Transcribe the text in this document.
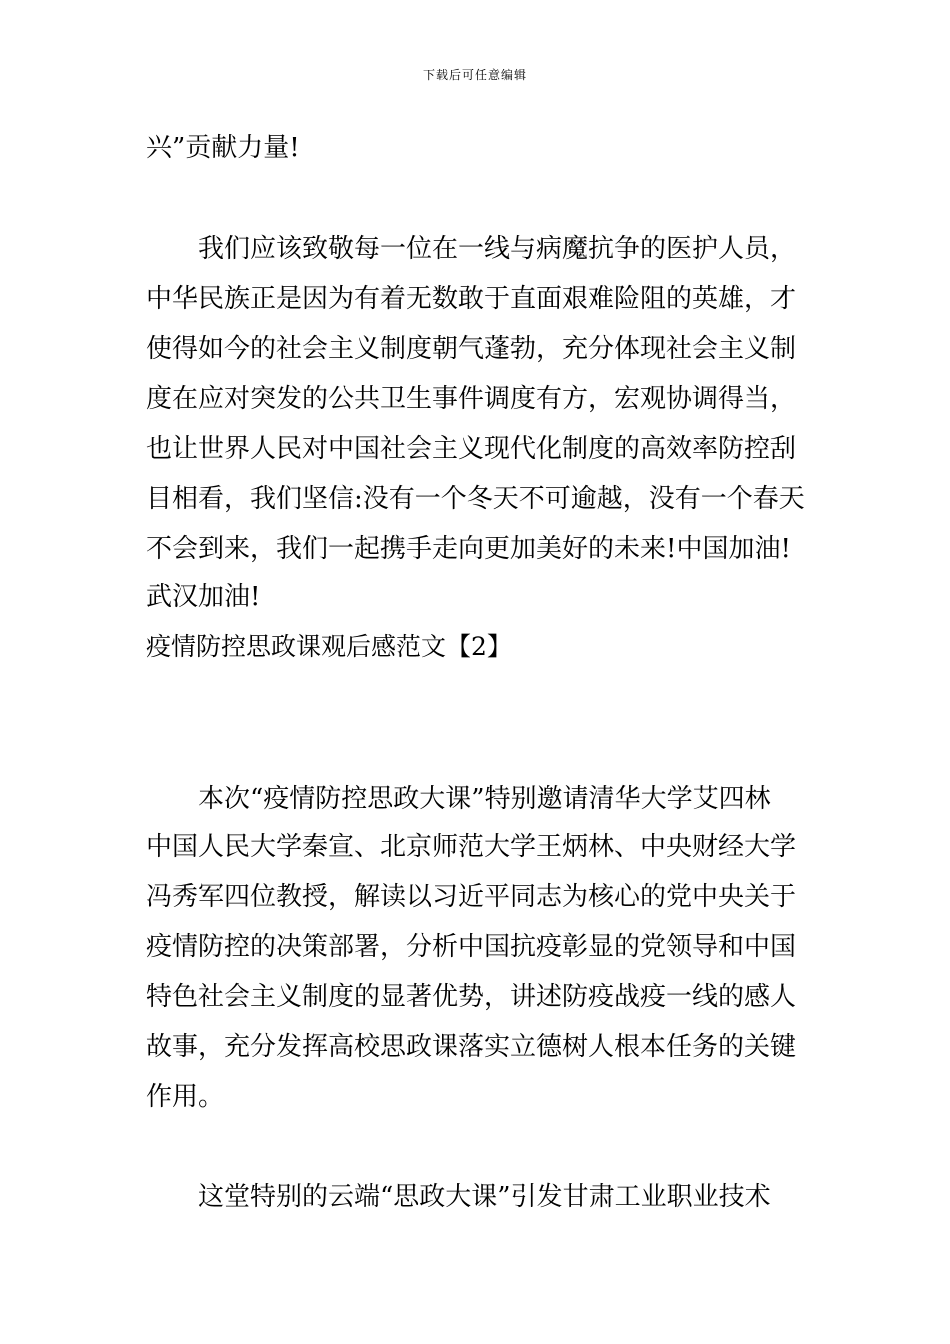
下载后可任意编辑
兴”贡献力量!
我们应该致敬每一位在一线与病魔抗争的医护人员，
中华民族正是因为有着无数敢于直面艰难险阻的英雄，才
使得如今的社会主义制度朝气蓬勃，充分体现社会主义制
度在应对突发的公共卫生事件调度有方，宏观协调得当，
也让世界人民对中国社会主义现代化制度的高效率防控刮
目相看，我们坚信:没有一个冬天不可逾越，没有一个春天
不会到来，我们一起携手走向更加美好的未来!中国加油!
武汉加油!
疫情防控思政课观后感范文【2】
本次“疫情防控思政大课”特别邀请清华大学艾四林
中国人民大学秦宣、北京师范大学王炳林、中央财经大学
冯秀军四位教授，解读以习近平同志为核心的党中央关于
疫情防控的决策部署，分析中国抗疫彰显的党领导和中国
特色社会主义制度的显著优势，讲述防疫战疫一线的感人
故事，充分发挥高校思政课落实立德树人根本任务的关键
作用。
这堂特别的云端“思政大课”引发甘肃工业职业技术
